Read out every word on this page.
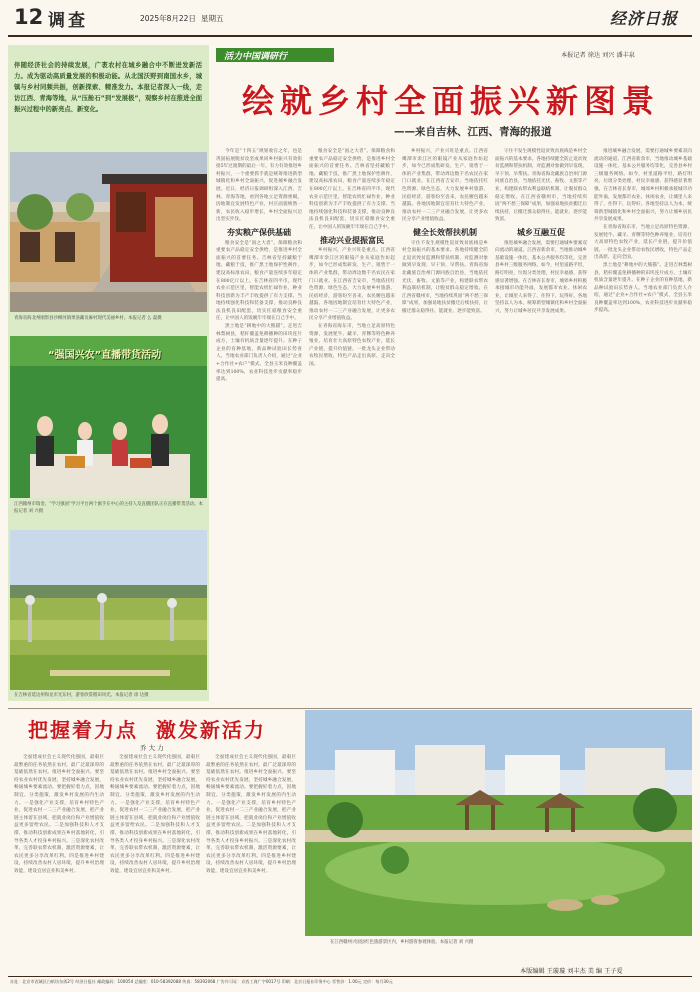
12 调查	2025年8月22日 星期五	经济日报
伴随经济社会的持续发展，广袤农村在城乡融合中不断迸发新活力。成为驱动高质量发展的积极动能。从北国沃野到南国水乡，城镇与乡村同频共振，创新探索、精准发力。本报记者深入一线，走访江西、青海等地，从“压舱石”到“发展极”，观察乡村在推进全面振兴过程中的新亮点、新变化。
青海省海北州刚察县沙柳河镇果洛藏贡麻村现代美丽乡村。本报记者 么 磊摄
“强国兴农”直播带货活动
江西赣州市瑞金、“学习强国”学习平台两个旗手在中心的主持人及直播团队正在直播带货活动。本报记者 刘 兴摄
在吉林省延边州和龙市光东村，游客欣赏稻田风光。本报记者 徐 达摄
活力中国调研行	本报记者 徐达 刘兴 潘丰泉
绘就乡村全面振兴新图景
——来自吉林、江西、青海的报道

今年是“十四五”规划收官之年，也是巩固拓展脱贫攻坚成果同乡村振兴有效衔接5年过渡期的最后一年。有力有效推进乡村振兴，一个重要抓手就是统筹推进新型城镇化和乡村全面振兴，促进城乡融合发展。近日，经济日报调研组深入江西、吉林、青海等地，看到各地立足资源禀赋，因地制宜发展特色产业，村庄面貌焕然一新，农民收入稳步增长，乡村全面振兴迈出坚实步伐。

夯实粮产保供基础

粮食安全是“国之大者”。保障粮食和重要农产品稳定安全供给，是推进乡村全面振兴的首要任务。吉林省坚持藏粮于地、藏粮于技，推广黑土地保护性耕作，建设高标准农田，粮食产量连续多年稳定在800亿斤以上。在吉林省四平市，现代农业示范区里，智能农机忙碌作业，种业科技创新为丰产丰收提供了有力支撑。当地持续强化科技和装备支撑，推动良种良法良机良田配套，切实扛稳粮食安全重任，让中国人的饭碗牢牢端在自己手中。

黑土地是“耕地中的大熊猫”。走进吉林梨树县，秸秆覆盖免耕播种的田块连片成方，土壤有机质含量逐年提升。在种子企业的育种基地，新品种试验田长势喜人。当地农业部门负责人介绍，通过“企业+合作社+农户”模式，全县玉米良种覆盖率达到100%，农业科技进步贡献率稳步提高。

粮食安全是“国之大者”。保障粮食和重要农产品稳定安全供给，是推进乡村全面振兴的首要任务。吉林省坚持藏粮于地、藏粮于技，推广黑土地保护性耕作，建设高标准农田，粮食产量连续多年稳定在800亿斤以上。在吉林省四平市，现代农业示范区里，智能农机忙碌作业，种业科技创新为丰产丰收提供了有力支撑。当地持续强化科技和装备支撑，推动良种良法良机良田配套，切实扛稳粮食安全重任，让中国人的饭碗牢牢端在自己手中。

推动兴业提振富民

乡村振兴，产业兴旺是重点。江西省鹰潭市余江区的眼镜产业从家庭作坊起步，如今已形成集研发、生产、销售于一体的产业集群，带动周边数千名农民在家门口就业。在江西省吉安市，当地依托红色资源、绿色生态，大力发展乡村旅游、民宿经济，游客纷至沓来，农民腰包越来越鼓。各地因地制宜培育壮大特色产业，推动农村一二三产业融合发展，让更多农民分享产业增值收益。

在青海省海东市，当地立足高原特色资源，发展牦牛、藏羊、青稞等特色种养殖业，培育壮大高原特色农牧产业，延长产业链，提升价值链。一批龙头企业带动农牧民增收，特色产品走出高原、走向全国。

乡村振兴，产业兴旺是重点。江西省鹰潭市余江区的眼镜产业从家庭作坊起步，如今已形成集研发、生产、销售于一体的产业集群，带动周边数千名农民在家门口就业。在江西省吉安市，当地依托红色资源、绿色生态，大力发展乡村旅游、民宿经济，游客纷至沓来，农民腰包越来越鼓。各地因地制宜培育壮大特色产业，推动农村一二三产业融合发展，让更多农民分享产业增值收益。

健全长效帮扶机制

守住不发生规模性返贫致贫底线是乡村全面振兴的基本要求。各地持续健全防止返贫致贫监测和帮扶机制，对监测对象做到早发现、早干预、早帮扶。青海省海北藏族自治州门源回族自治县，当地依托光伏、畜牧、文旅等产业，构建联农带农利益联结机制，让脱贫群众稳定增收。在江西省赣州市，当地持续巩固“两不愁三保障”成果，加强易地扶贫搬迁后续扶持，让搬迁群众稳得住、能就业、逐步能致富。

守住不发生规模性返贫致贫底线是乡村全面振兴的基本要求。各地持续健全防止返贫致贫监测和帮扶机制，对监测对象做到早发现、早干预、早帮扶。青海省海北藏族自治州门源回族自治县，当地依托光伏、畜牧、文旅等产业，构建联农带农利益联结机制，让脱贫群众稳定增收。在江西省赣州市，当地持续巩固“两不愁三保障”成果，加强易地扶贫搬迁后续扶持，让搬迁群众稳得住、能就业、逐步能致富。

城乡互融互促

推进城乡融合发展，需要打通城乡要素双向流动的通道。江西省新余市，当地推动城乡基础设施一体化、基本公共服务均等化，完善县乡村三级服务网络。如今，村里道路平坦，路灯明亮，垃圾分类处理，村民幸福感、获得感显著增强。在吉林省长春市，城郊乡村积极承接城市功能外溢，发展都市农业、休闲农业，让城里人来得了、住得下、玩得好。各地坚持以人为本，统筹新型城镇化和乡村全面振兴，努力让城乡居民共享发展成果。

推进城乡融合发展，需要打通城乡要素双向流动的通道。江西省新余市，当地推动城乡基础设施一体化、基本公共服务均等化，完善县乡村三级服务网络。如今，村里道路平坦，路灯明亮，垃圾分类处理，村民幸福感、获得感显著增强。在吉林省长春市，城郊乡村积极承接城市功能外溢，发展都市农业、休闲农业，让城里人来得了、住得下、玩得好。各地坚持以人为本，统筹新型城镇化和乡村全面振兴，努力让城乡居民共享发展成果。

在青海省海东市，当地立足高原特色资源，发展牦牛、藏羊、青稞等特色种养殖业，培育壮大高原特色农牧产业，延长产业链，提升价值链。一批龙头企业带动农牧民增收，特色产品走出高原、走向全国。

黑土地是“耕地中的大熊猫”。走进吉林梨树县，秸秆覆盖免耕播种的田块连片成方，土壤有机质含量逐年提升。在种子企业的育种基地，新品种试验田长势喜人。当地农业部门负责人介绍，通过“企业+合作社+农户”模式，全县玉米良种覆盖率达到100%，农业科技进步贡献率稳步提高。

把握着力点  激发新活力
乔 大 力

全面建成社会主义现代化强国，最艰巨最繁重的任务依然在农村，最广泛最深厚的基础依然在农村。推进乡村全面振兴，要坚持农业农村优先发展，坚持城乡融合发展，畅通城乡要素流动。要把握好着力点，因地制宜、分类施策，激发乡村发展的内生动力。一是强化产业支撑，培育乡村特色产业，促进农村一二三产业融合发展，把产业链主体留在县域，把就业岗位和产业增值收益更多留给农民。二是加强科技和人才支撑，推动科技创新成果在乡村落地转化，引导各类人才投身乡村振兴。三是深化农村改革，完善联农带农机制，激活资源要素，让农民更多分享改革红利。四是推进乡村建设，持续改善农村人居环境，提升乡村治理效能，建设宜居宜业和美乡村。

全面建成社会主义现代化强国，最艰巨最繁重的任务依然在农村，最广泛最深厚的基础依然在农村。推进乡村全面振兴，要坚持农业农村优先发展，坚持城乡融合发展，畅通城乡要素流动。要把握好着力点，因地制宜、分类施策，激发乡村发展的内生动力。一是强化产业支撑，培育乡村特色产业，促进农村一二三产业融合发展，把产业链主体留在县域，把就业岗位和产业增值收益更多留给农民。二是加强科技和人才支撑，推动科技创新成果在乡村落地转化，引导各类人才投身乡村振兴。三是深化农村改革，完善联农带农机制，激活资源要素，让农民更多分享改革红利。四是推进乡村建设，持续改善农村人居环境，提升乡村治理效能，建设宜居宜业和美乡村。

全面建成社会主义现代化强国，最艰巨最繁重的任务依然在农村，最广泛最深厚的基础依然在农村。推进乡村全面振兴，要坚持农业农村优先发展，坚持城乡融合发展，畅通城乡要素流动。要把握好着力点，因地制宜、分类施策，激发乡村发展的内生动力。一是强化产业支撑，培育乡村特色产业，促进农村一二三产业融合发展，把产业链主体留在县域，把就业岗位和产业增值收益更多留给农民。二是加强科技和人才支撑，推动科技创新成果在乡村落地转化，引导各类人才投身乡村振兴。三是深化农村改革，完善联农带农机制，激活资源要素，让农民更多分享改革红利。四是推进乡村建设，持续改善农村人居环境，提升乡村治理效能，建设宜居宜业和美乡村。

在江西赣州兴国县红色旅游景区内，乡村游客参观体验。本报记者 刘 兴摄
本版编辑 王璇璇 刘丰杰 美 编 王子爱
社址：北京市西城区白纸坊东街2号 经济日报社 邮政编码：100054 总编室：010-58392088 传真：58392068 广告许可证：京西工商广字0017号 印刷：北京日报社印务中心 零售价：1.00元 定价：每月30元
